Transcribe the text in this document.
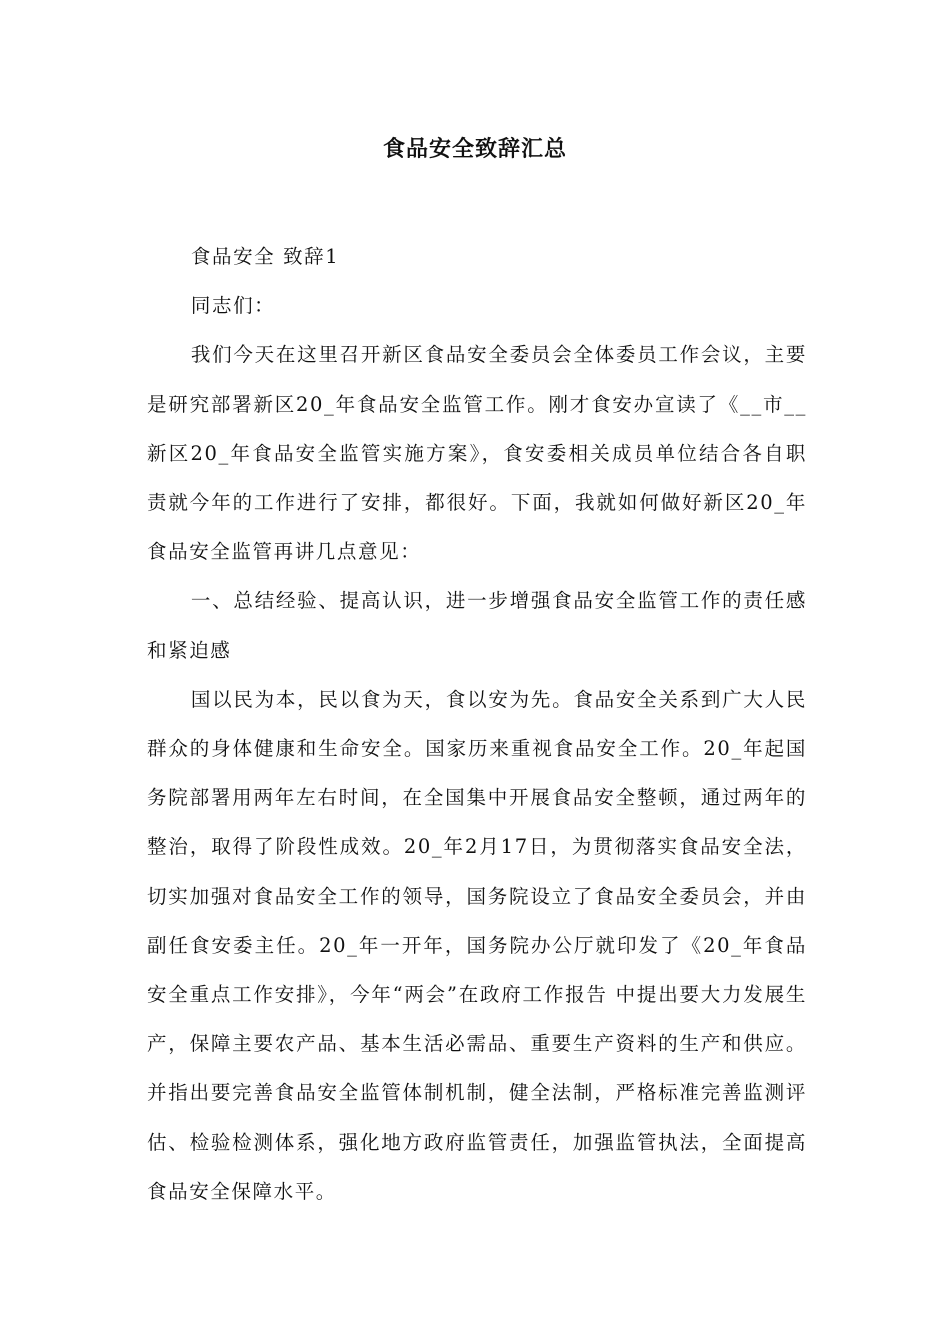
食品安全致辞汇总

食品安全 致辞1

同志们：

我们今天在这里召开新区食品安全委员会全体委员工作会议，主要是研究部署新区20_年食品安全监管工作。刚才食安办宣读了《__市__新区20_年食品安全监管实施方案》，食安委相关成员单位结合各自职责就今年的工作进行了安排，都很好。下面，我就如何做好新区20_年食品安全监管再讲几点意见：

一、总结经验、提高认识，进一步增强食品安全监管工作的责任感和紧迫感

国以民为本，民以食为天，食以安为先。食品安全关系到广大人民群众的身体健康和生命安全。国家历来重视食品安全工作。20_年起国务院部署用两年左右时间，在全国集中开展食品安全整顿，通过两年的整治，取得了阶段性成效。20_年2月17日，为贯彻落实食品安全法，切实加强对食品安全工作的领导，国务院设立了食品安全委员会，并由副任食安委主任。20_年一开年，国务院办公厅就印发了《20_年食品安全重点工作安排》，今年“两会”在政府工作报告 中提出要大力发展生产，保障主要农产品、基本生活必需品、重要生产资料的生产和供应。并指出要完善食品安全监管体制机制，健全法制，严格标准完善监测评估、检验检测体系，强化地方政府监管责任，加强监管执法，全面提高食品安全保障水平。
